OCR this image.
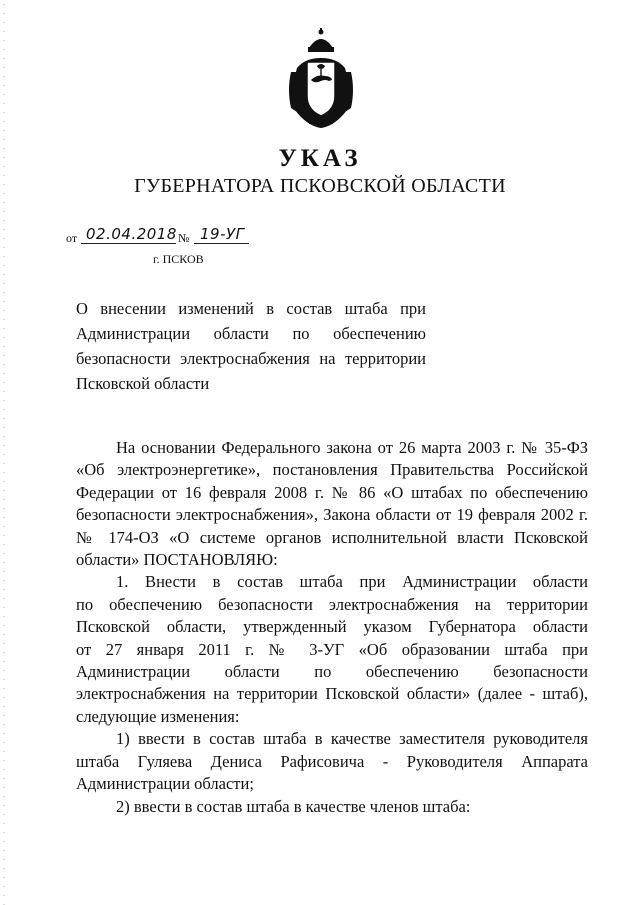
УКАЗ
ГУБЕРНАТОРА ПСКОВСКОЙ ОБЛАСТИ
от 02.04.2018 № 19-УГ
г. ПСКОВ
О внесении изменений в состав штаба при
Администрации области по обеспечению
безопасности электроснабжения на территории
Псковской области
На основании Федерального закона от 26 марта 2003 г. № 35-ФЗ
«Об электроэнергетике», постановления Правительства Российской
Федерации от 16 февраля 2008 г. № 86 «О штабах по обеспечению
безопасности электроснабжения», Закона области от 19 февраля 2002 г.
№ 174-ОЗ «О системе органов исполнительной власти Псковской
области» ПОСТАНОВЛЯЮ:
1. Внести в состав штаба при Администрации области
по обеспечению безопасности электроснабжения на территории
Псковской области, утвержденный указом Губернатора области
от 27 января 2011 г. № 3-УГ «Об образовании штаба при
Администрации области по обеспечению безопасности
электроснабжения на территории Псковской области» (далее - штаб),
следующие изменения:
1) ввести в состав штаба в качестве заместителя руководителя
штаба Гуляева Дениса Рафисовича - Руководителя Аппарата
Администрации области;
2) ввести в состав штаба в качестве членов штаба:
